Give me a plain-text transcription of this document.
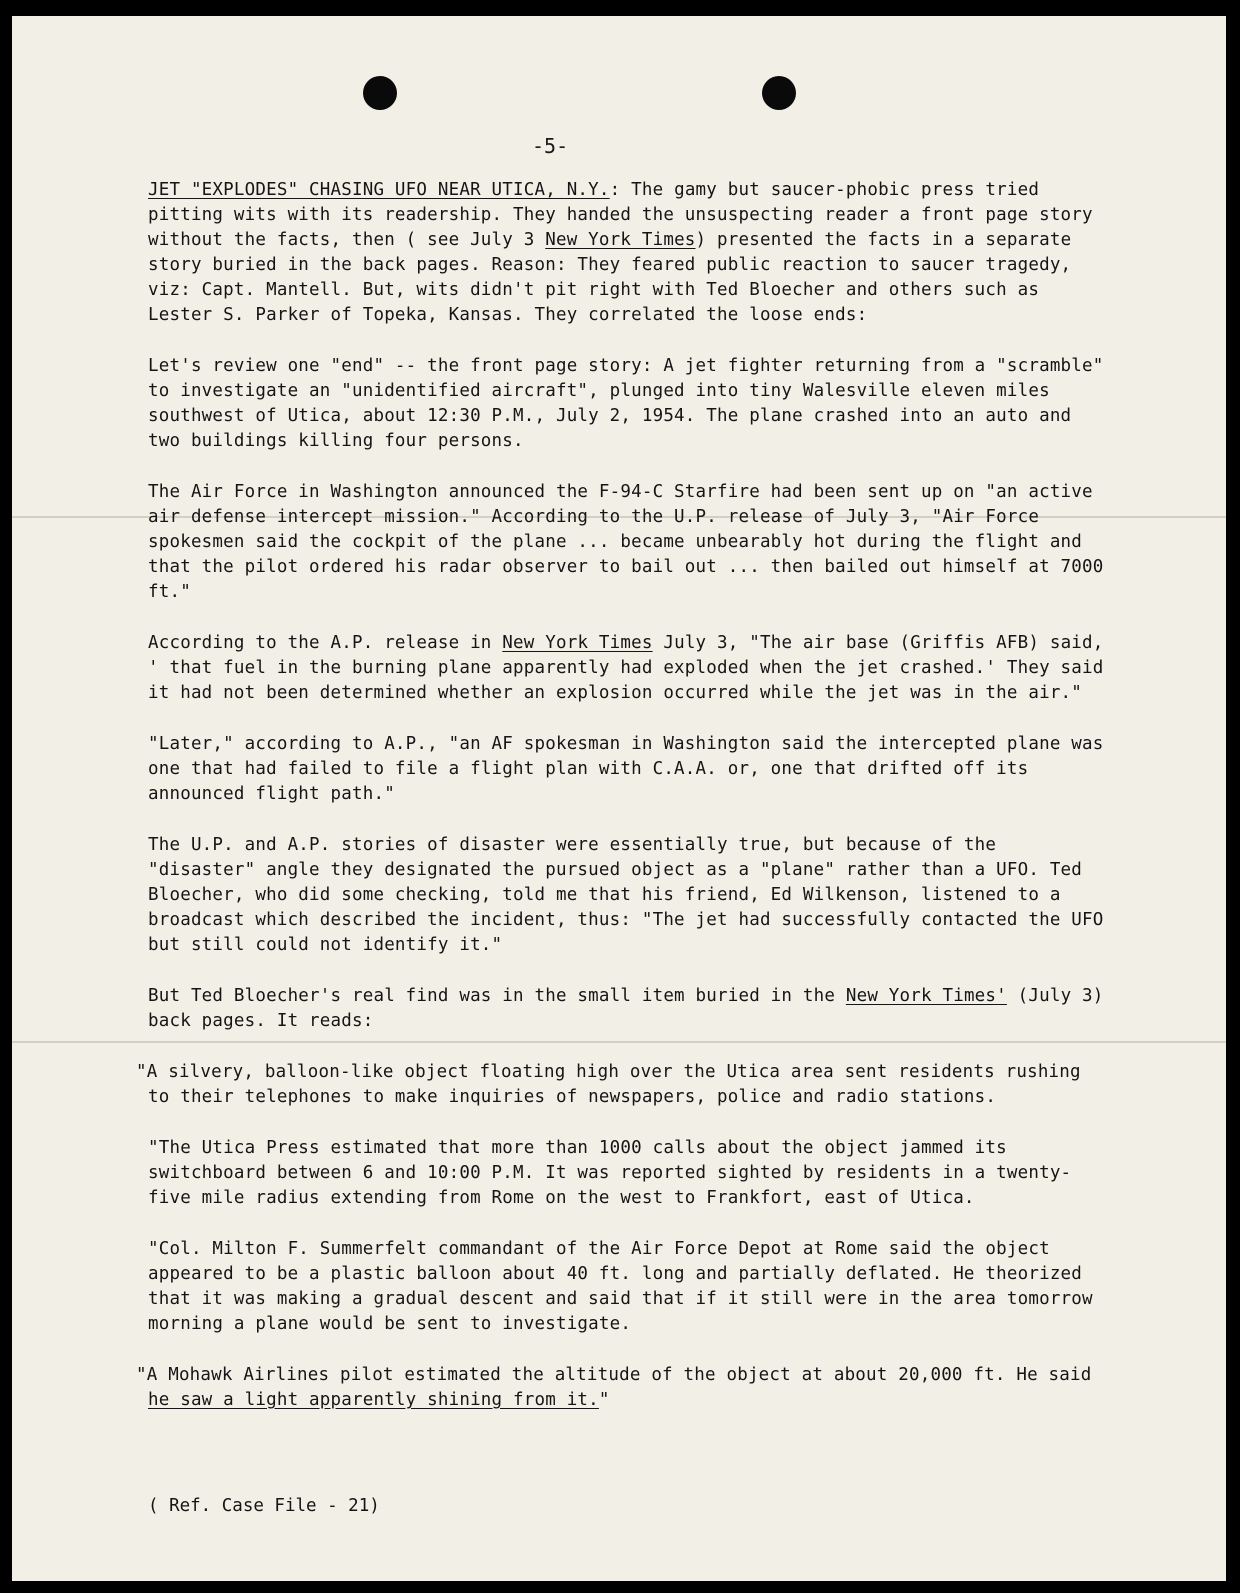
-5-

JET "EXPLODES" CHASING UFO NEAR UTICA, N.Y.: The gamy but saucer-phobic press tried pitting wits with its readership. They handed the unsuspecting reader a front page story without the facts, then ( see July 3 New York Times) presented the facts in a separate story buried in the back pages. Reason: They feared public reaction to saucer tragedy, viz: Capt. Mantell. But, wits didn't pit right with Ted Bloecher and others such as Lester S. Parker of Topeka, Kansas. They correlated the loose ends:

Let's review one "end" -- the front page story: A jet fighter returning from a "scramble" to investigate an "unidentified aircraft", plunged into tiny Walesville eleven miles southwest of Utica, about 12:30 P.M., July 2, 1954. The plane crashed into an auto and two buildings killing four persons.

The Air Force in Washington announced the F-94-C Starfire had been sent up on "an active air defense intercept mission." According to the U.P. release of July 3, "Air Force spokesmen said the cockpit of the plane ... became unbearably hot during the flight and that the pilot ordered his radar observer to bail out ... then bailed out himself at 7000 ft."

According to the A.P. release in New York Times July 3, "The air base (Griffis AFB) said, ' that fuel in the burning plane apparently had exploded when the jet crashed.' They said it had not been determined whether an explosion occurred while the jet was in the air."

"Later," according to A.P., "an AF spokesman in Washington said the intercepted plane was one that had failed to file a flight plan with C.A.A. or, one that drifted off its announced flight path."

The U.P. and A.P. stories of disaster were essentially true, but because of the "disaster" angle they designated the pursued object as a "plane" rather than a UFO. Ted Bloecher, who did some checking, told me that his friend, Ed Wilkenson, listened to a broadcast which described the incident, thus: "The jet had successfully contacted the UFO but still could not identify it."

But Ted Bloecher's real find was in the small item buried in the New York Times' (July 3) back pages. It reads:

"A silvery, balloon-like object floating high over the Utica area sent residents rushing to their telephones to make inquiries of newspapers, police and radio stations.

"The Utica Press estimated that more than 1000 calls about the object jammed its switchboard between 6 and 10:00 P.M. It was reported sighted by residents in a twenty-five mile radius extending from Rome on the west to Frankfort, east of Utica.

"Col. Milton F. Summerfelt commandant of the Air Force Depot at Rome said the object appeared to be a plastic balloon about 40 ft. long and partially deflated. He theorized that it was making a gradual descent and said that if it still were in the area tomorrow morning a plane would be sent to investigate.

"A Mohawk Airlines pilot estimated the altitude of the object at about 20,000 ft. He said he saw a light apparently shining from it."

( Ref. Case File - 21)
